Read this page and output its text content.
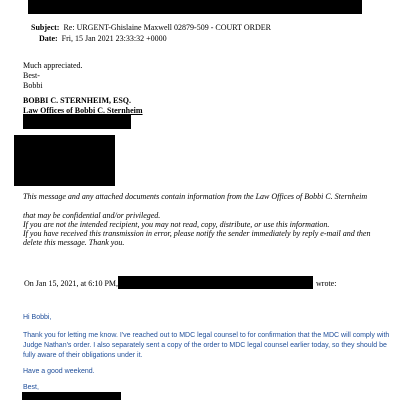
Subject: Re: URGENT-Ghislaine Maxwell 02879-509 - COURT ORDER
Date: Fri, 15 Jan 2021 23:33:32 +0000
Much appreciated.
Best-
Bobbi
BOBBI C. STERNHEIM, ESQ.
Law Offices of Bobbi C. Sternheim
This message and any attached documents contain information from the Law Offices of Bobbi C. Sternheim
that may be confidential and/or privileged.
If you are not the intended recipient, you may not read, copy, distribute, or use this information.
If you have received this transmission in error, please notify the sender immediately by reply e-mail and then
delete this message. Thank you.
On Jan 15, 2021, at 6:10 PM,	wrote:
Hi Bobbi,
Thank you for letting me know. I've reached out to MDC legal counsel to for confirmation that the MDC will comply with
Judge Nathan's order. I also separately sent a copy of the order to MDC legal counsel earlier today, so they should be
fully aware of their obligations under it.
Have a good weekend.
Best,
